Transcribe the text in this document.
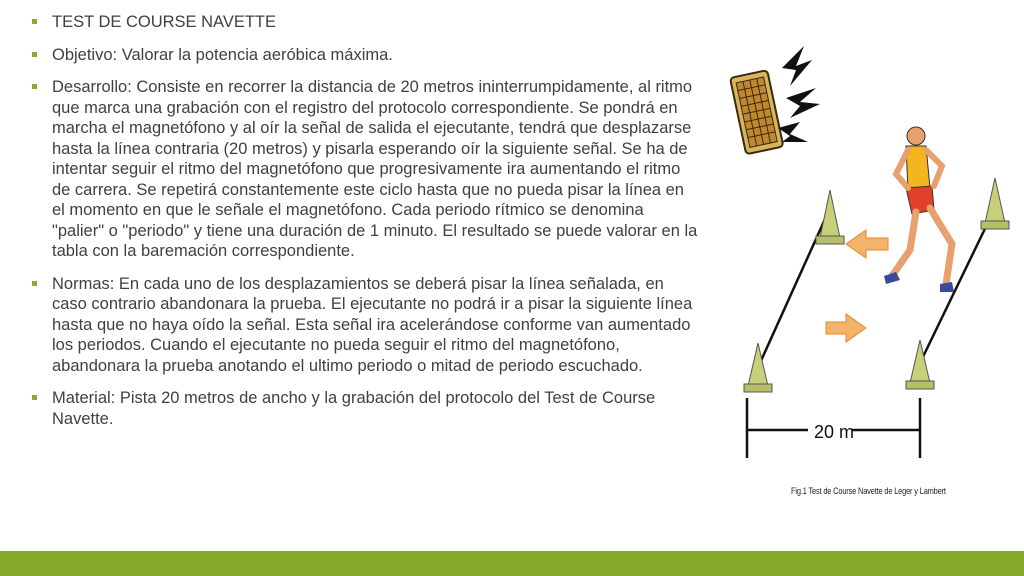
TEST DE COURSE NAVETTE
Objetivo: Valorar la potencia aeróbica máxima.
Desarrollo: Consiste en recorrer la distancia de 20 metros ininterrumpidamente, al ritmo que marca una grabación con el registro del protocolo correspondiente. Se pondrá en marcha el magnetófono y al oír la señal de salida el ejecutante, tendrá que desplazarse hasta la línea contraria (20 metros) y pisarla esperando oír la siguiente señal. Se ha de intentar seguir el ritmo del magnetófono que progresivamente ira aumentando el ritmo de carrera. Se repetirá constantemente este ciclo hasta que no pueda pisar la línea en el momento en que le señale el magnetófono. Cada periodo rítmico se denomina "palier" o "periodo" y tiene una duración de 1 minuto. El resultado se puede valorar en la tabla con la baremación correspondiente.
Normas: En cada uno de los desplazamientos se deberá pisar la línea señalada, en caso contrario abandonara la prueba. El ejecutante no podrá ir a pisar la siguiente línea hasta que no haya oído la señal. Esta señal ira acelerándose conforme van aumentado los periodos. Cuando el ejecutante no pueda seguir el ritmo del magnetófono, abandonara la prueba anotando el ultimo periodo o mitad de periodo escuchado.
Material: Pista 20 metros de ancho y la grabación del protocolo del Test de Course Navette.
20 m
Fig.1 Test de Course Navette de Leger y Lambert
